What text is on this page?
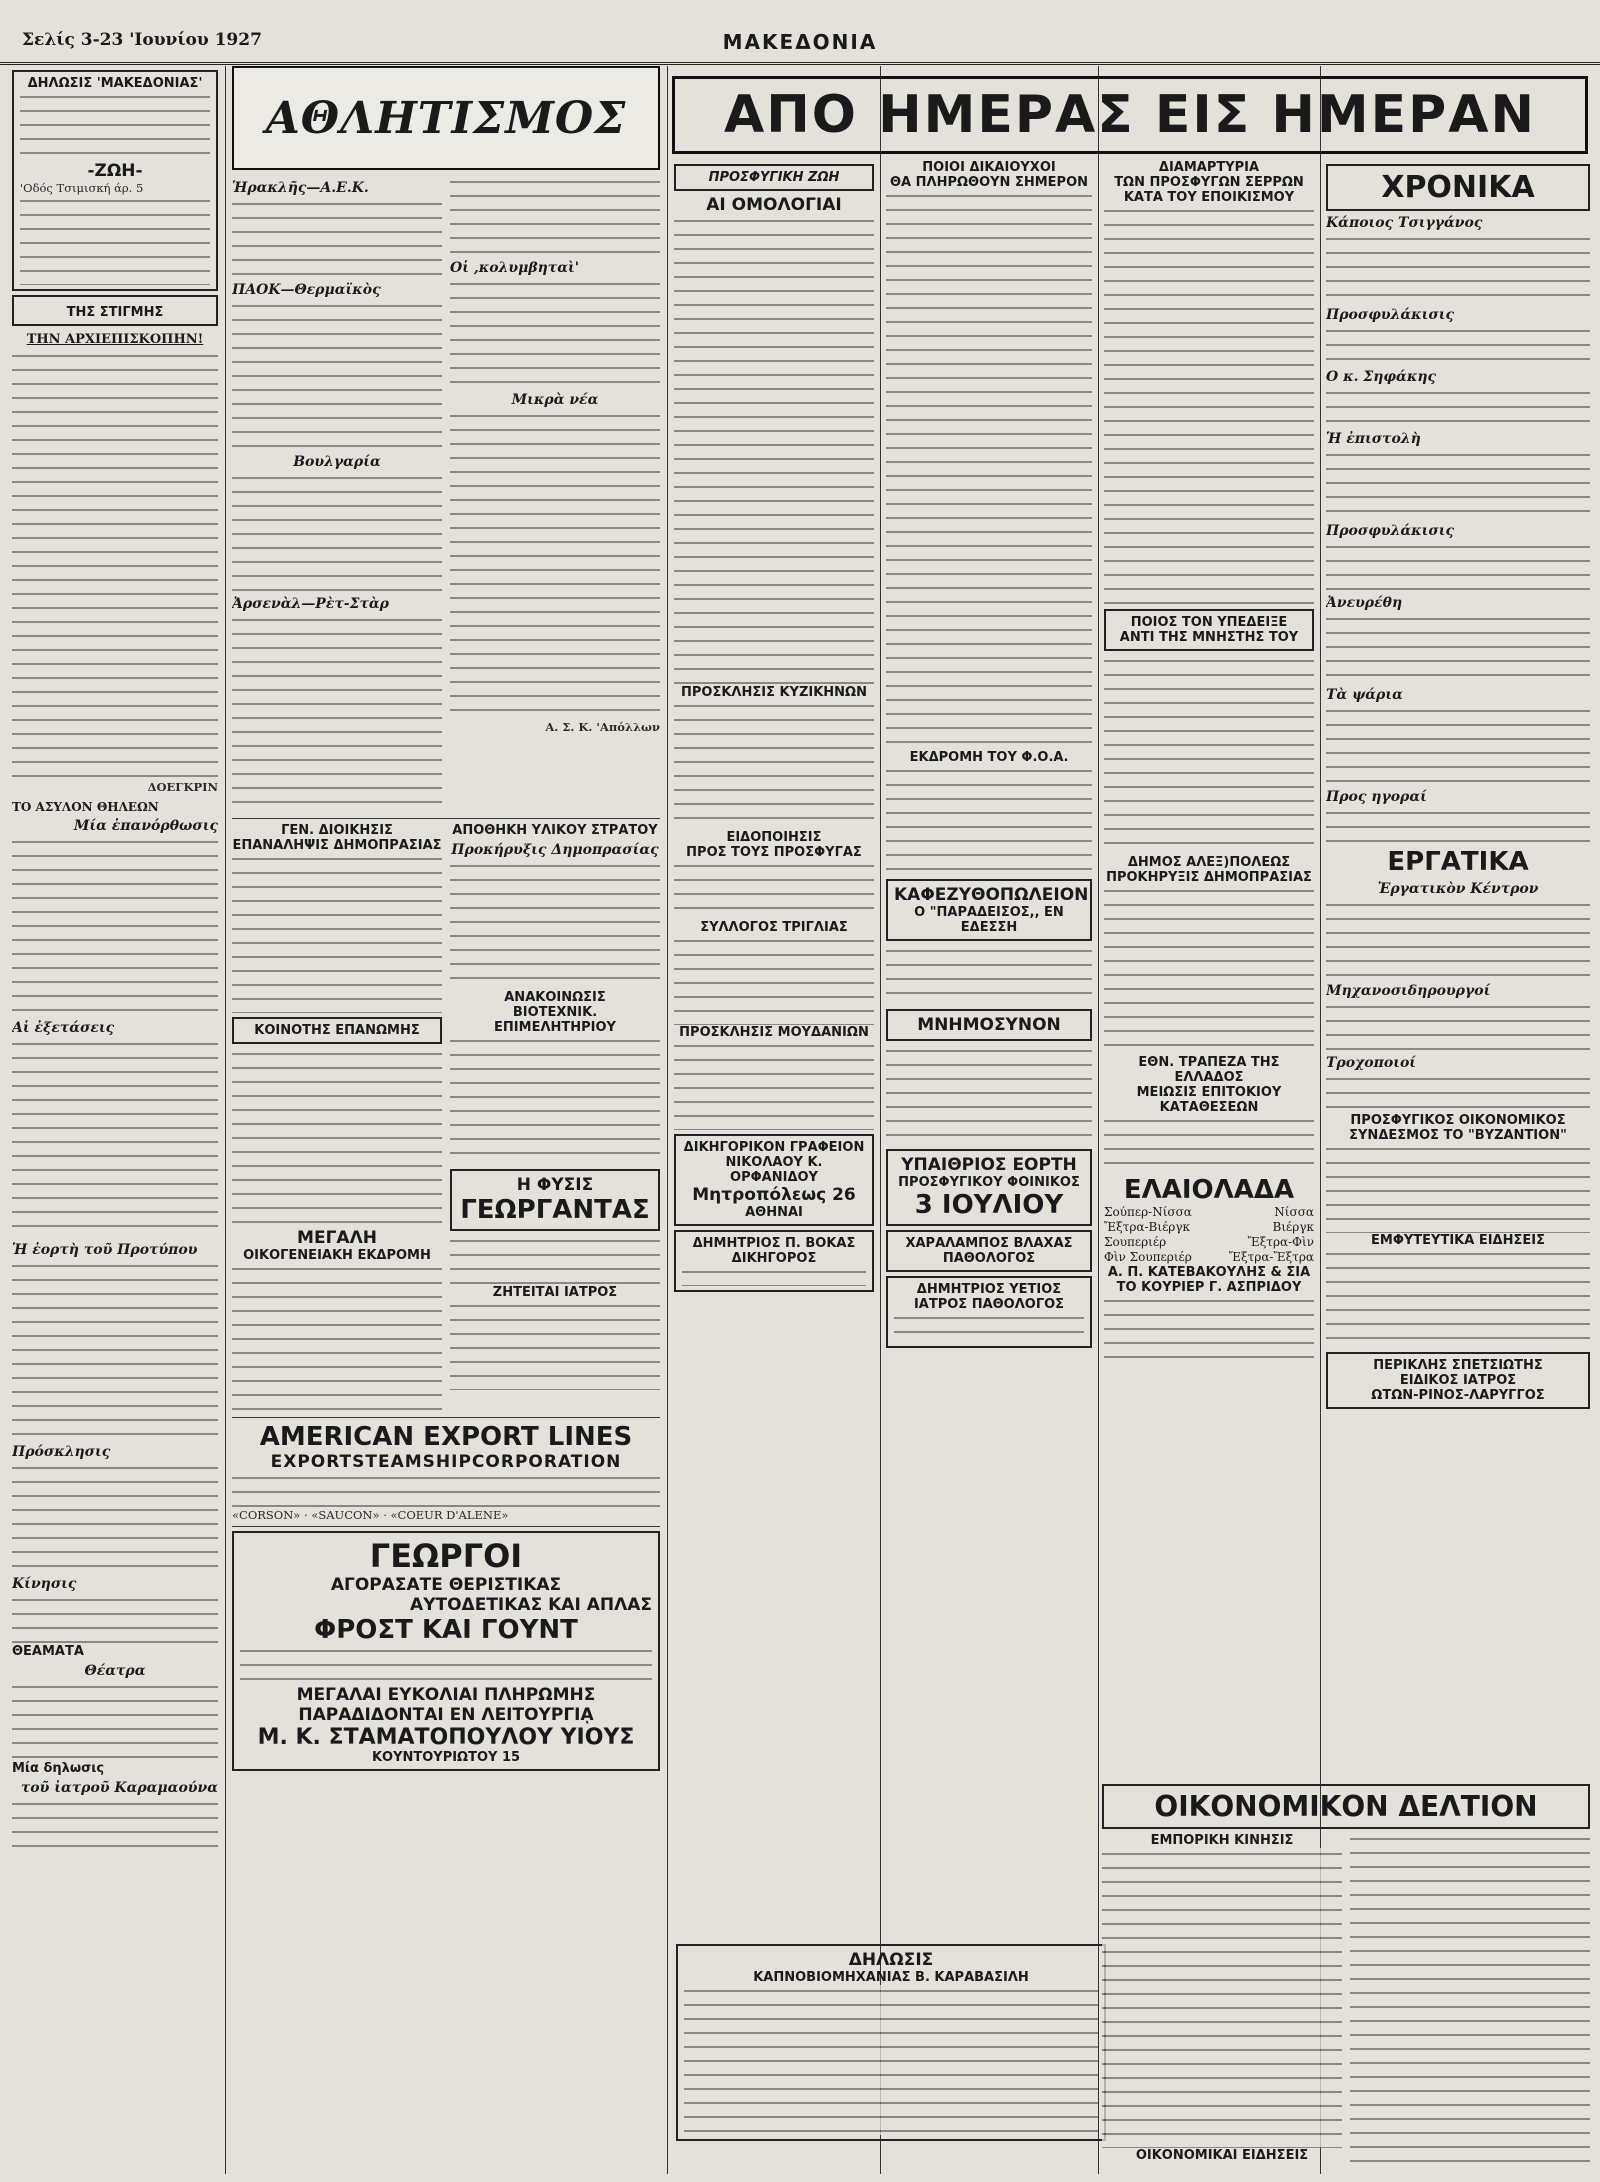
Σελίς 3-23 'Ιουνίου 1927	ΜΑΚΕΔΟΝΙΑ
ΔΗΛΩΣΙΣ 'ΜΑΚΕΔΟΝΙΑΣ'
-ΖΩΗ-
'Οδός Τσιμισκή άρ. 5
ΤΗΣ ΣΤΙΓΜΗΣ
ΤΗΝ ΑΡΧΙΕΠΙΣΚΟΠΗΝ!
ΔΟΕΓΚΡΙΝ
ΤΟ ΑΣΥΛΟΝ ΘΗΛΕΩΝ
Μία ἐπανόρθωσις
Αἱ ἐξετάσεις
Ἡ ἑορτὴ τοῦ Προτύπου
Πρόσκλησις
Κίνησις
ΘΕΑΜΑΤΑ
Θέατρα
Μία δηλωσις
τοῦ ἰατροῦ Καραμαούνα
ΑΘΛΗΤΙΣΜΟΣ
Ἡρακλῆς—Α.Ε.Κ.
ΠΑΟΚ—Θερμαϊκὸς
Βουλγαρία
Ἀρσενὰλ—Ρὲτ-Στὰρ
Οἱ ,κολυμβηταὶ'
Μικρὰ νέα
Α. Σ. Κ. 'Απόλλων
ΓΕΝ. ΔΙΟΙΚΗΣΙΣ
ΕΠΑΝΑΛΗΨΙΣ ΔΗΜΟΠΡΑΣΙΑΣ
ΚΟΙΝΟΤΗΣ ΕΠΑΝΩΜΗΣ
ΜΕΓΑΛΗ
ΟΙΚΟΓΕΝΕΙΑΚΗ ΕΚΔΡΟΜΗ
ΑΠΟΘΗΚΗ ΥΛΙΚΟΥ ΣΤΡΑΤΟΥ
Προκήρυξις Δημοπρασίας
ΑΝΑΚΟΙΝΩΣΙΣ
ΒΙΟΤΕΧΝΙΚ. ΕΠΙΜΕΛΗΤΗΡΙΟΥ
Η ΦΥΣΙΣ
ΓΕΩΡΓΑΝΤΑΣ
ΖΗΤΕΙΤΑΙ ΙΑΤΡΟΣ
AMERICAN EXPORT LINES
EXPORTSTEAMSHIPCORPORATION
«CORSON» · «SAUCON» · «COEUR D'ALENE»
ΓΕΩΡΓΟΙ
ΑΓΟΡΑΣΑΤΕ ΘΕΡΙΣΤΙΚΑΣ
ΑΥΤΟΔΕΤΙΚΑΣ ΚΑΙ ΑΠΛΑΣ
ΦΡΟΣΤ ΚΑΙ ΓΟΥΝΤ
ΜΕΓΑΛΑΙ ΕΥΚΟΛΙΑΙ ΠΛΗΡΩΜΗΣ
ΠΑΡΑΔΙΔΟΝΤΑΙ ΕΝ ΛΕΙΤΟΥΡΓΙᾼ
Μ. Κ. ΣΤΑΜΑΤΟΠΟΥΛΟΥ ΥΙΟΥΣ
ΚΟΥΝΤΟΥΡΙΩΤΟΥ 15
ΑΠΟ ΗΜΕΡΑΣ ΕΙΣ ΗΜΕΡΑΝ
ΠΡΟΣΦΥΓΙΚΗ ΖΩΗ
ΑΙ ΟΜΟΛΟΓΙΑΙ
ΠΡΟΣΚΛΗΣΙΣ ΚΥΖΙΚΗΝΩΝ
ΕΙΔΟΠΟΙΗΣΙΣ
ΠΡΟΣ ΤΟΥΣ ΠΡΟΣΦΥΓΑΣ
ΣΥΛΛΟΓΟΣ ΤΡΙΓΛΙΑΣ
ΠΡΟΣΚΛΗΣΙΣ ΜΟΥΔΑΝΙΩΝ
ΔΙΚΗΓΟΡΙΚΟΝ ΓΡΑΦΕΙΟΝ
ΝΙΚΟΛΑΟΥ Κ. ΟΡΦΑΝΙΔΟΥ
Μητροπόλεως 26
ΑΘΗΝΑΙ
ΔΗΜΗΤΡΙΟΣ Π. ΒΟΚΑΣ
ΔΙΚΗΓΟΡΟΣ
ΠΟΙΟΙ ΔΙΚΑΙΟΥΧΟΙ
ΘΑ ΠΛΗΡΩΘΟΥΝ ΣΗΜΕΡΟΝ
ΕΚΔΡΟΜΗ ΤΟΥ Φ.Ο.Α.
ΚΑΦΕΖΥΘΟΠΩΛΕΙΟΝ
Ο "ΠΑΡΑΔΕΙΣΟΣ,, ΕΝ ΕΔΕΣΣΗ
ΜΝΗΜΟΣΥΝΟΝ
ΥΠΑΙΘΡΙΟΣ ΕΟΡΤΗ
ΠΡΟΣΦΥΓΙΚΟΥ ΦΟΙΝΙΚΟΣ
3 ΙΟΥΛΙΟΥ
ΧΑΡΑΛΑΜΠΟΣ ΒΛΑΧΑΣ
ΠΑΘΟΛΟΓΟΣ
ΔΗΜΗΤΡΙΟΣ ΥΕΤΙΟΣ
ΙΑΤΡΟΣ ΠΑΘΟΛΟΓΟΣ
ΔΗΛΩΣΙΣ
ΚΑΠΝΟΒΙΟΜΗΧΑΝΙΑΣ Β. ΚΑΡΑΒΑΣΙΛΗ
ΔΙΑΜΑΡΤΥΡΙΑ
ΤΩΝ ΠΡΟΣΦΥΓΩΝ ΣΕΡΡΩΝ
ΚΑΤΑ ΤΟΥ ΕΠΟΙΚΙΣΜΟΥ
ΠΟΙΟΣ ΤΟΝ ΥΠΕΔΕΙΞΕ
ΑΝΤΙ ΤΗΣ ΜΝΗΣΤΗΣ ΤΟΥ
ΔΗΜΟΣ ΑΛΕΞ)ΠΟΛΕΩΣ
ΠΡΟΚΗΡΥΞΙΣ ΔΗΜΟΠΡΑΣΙΑΣ
ΕΘΝ. ΤΡΑΠΕΖΑ ΤΗΣ ΕΛΛΑΔΟΣ
ΜΕΙΩΣΙΣ ΕΠΙΤΟΚΙΟΥ ΚΑΤΑΘΕΣΕΩΝ
ΕΛΑΙΟΛΑΔΑ
Σούπερ-Νίσσα	Νίσσα
Ἔξτρα-Βιέργκ	Βιέργκ
Σουπεριέρ	Ἔξτρα-Φὶν
Φὶν Σουπεριέρ	Ἔξτρα-Ἔξτρα
Α. Π. ΚΑΤΕΒΑΚΟΥΛΗΣ & ΣΙΑ
ΤΟ ΚΟΥΡΙΕΡ Γ. ΑΣΠΡΙΔΟΥ
ΧΡΟΝΙΚΑ
Κάποιος Τσιγγάνος
Προσφυλάκισις
Ο κ. Σηφάκης
Ἡ ἐπιστολὴ
Προσφυλάκισις
Ἀνευρέθη
Τὰ ψάρια
Προς ηγοραί
ΕΡΓΑΤΙΚΑ
Ἐργατικὸν Κέντρον
Μηχανοσιδηρουργοί
Τροχοποιοί
ΠΡΟΣΦΥΓΙΚΟΣ ΟΙΚΟΝΟΜΙΚΟΣ
ΣΥΝΔΕΣΜΟΣ ΤΟ "ΒΥΖΑΝΤΙΟΝ"
ΕΜΦΥΤΕΥΤΙΚΑ ΕΙΔΗΣΕΙΣ
ΠΕΡΙΚΛΗΣ ΣΠΕΤΣΙΩΤΗΣ
ΕΙΔΙΚΟΣ ΙΑΤΡΟΣ
ΩΤΩΝ-ΡΙΝΟΣ-ΛΑΡΥΓΓΟΣ
ΟΙΚΟΝΟΜΙΚΟΝ ΔΕΛΤΙΟΝ
ΕΜΠΟΡΙΚΗ ΚΙΝΗΣΙΣ
ΟΙΚΟΝΟΜΙΚΑΙ ΕΙΔΗΣΕΙΣ
